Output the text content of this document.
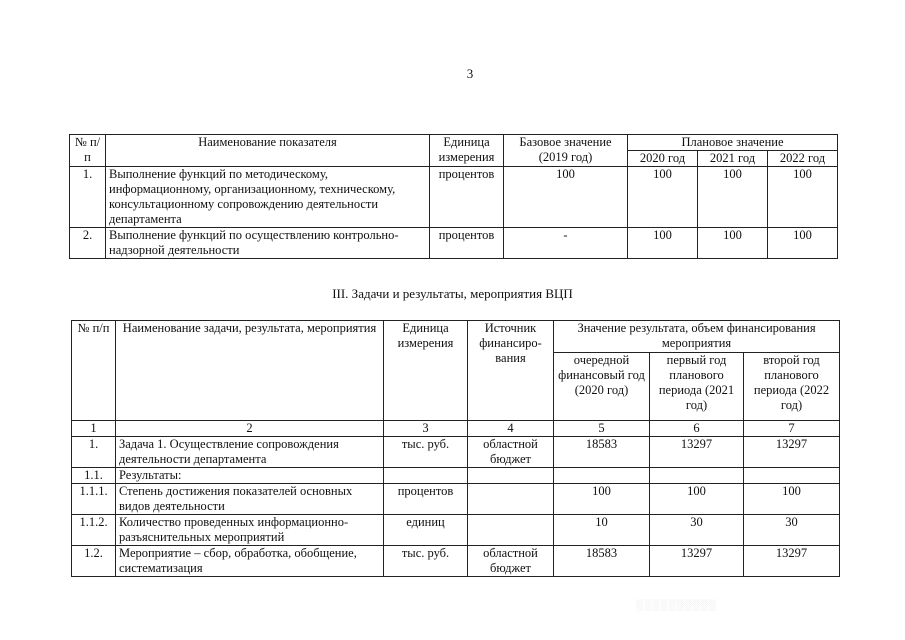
3
№ п/п	Наименование показателя	Единица измерения	Базовое значение (2019 год)	Плановое значение		
				2020 год	2021 год	2022 год
1.	Выполнение функций по методическому, информационному, организационному, техническому, консультационному сопровождению деятельности департамента	процентов	100	100	100	100
2.	Выполнение функций по осуществлению контрольно-надзорной деятельности	процентов	-	100	100	100
III. Задачи и результаты, мероприятия ВЦП
№ п/п	Наименование задачи, результата, мероприятия	Единица измерения	Источник финансиро-вания	Значение результата, объем финансирования мероприятия		
				очередной финансовый год (2020 год)	первый год планового периода (2021 год)	второй год планового периода (2022 год)
1	2	3	4	5	6	7
1.	Задача 1. Осуществление сопровождения деятельности департамента	тыс. руб.	областной бюджет	18583	13297	13297
1.1.	Результаты:					
1.1.1.	Степень достижения показателей основных видов деятельности	процентов		100	100	100
1.1.2.	Количество проведенных информационно-разъяснительных мероприятий	единиц		10	30	30
1.2.	Мероприятие – сбор, обработка, обобщение, систематизация	тыс. руб.	областной бюджет	18583	13297	13297
░░░░░░░░░░
